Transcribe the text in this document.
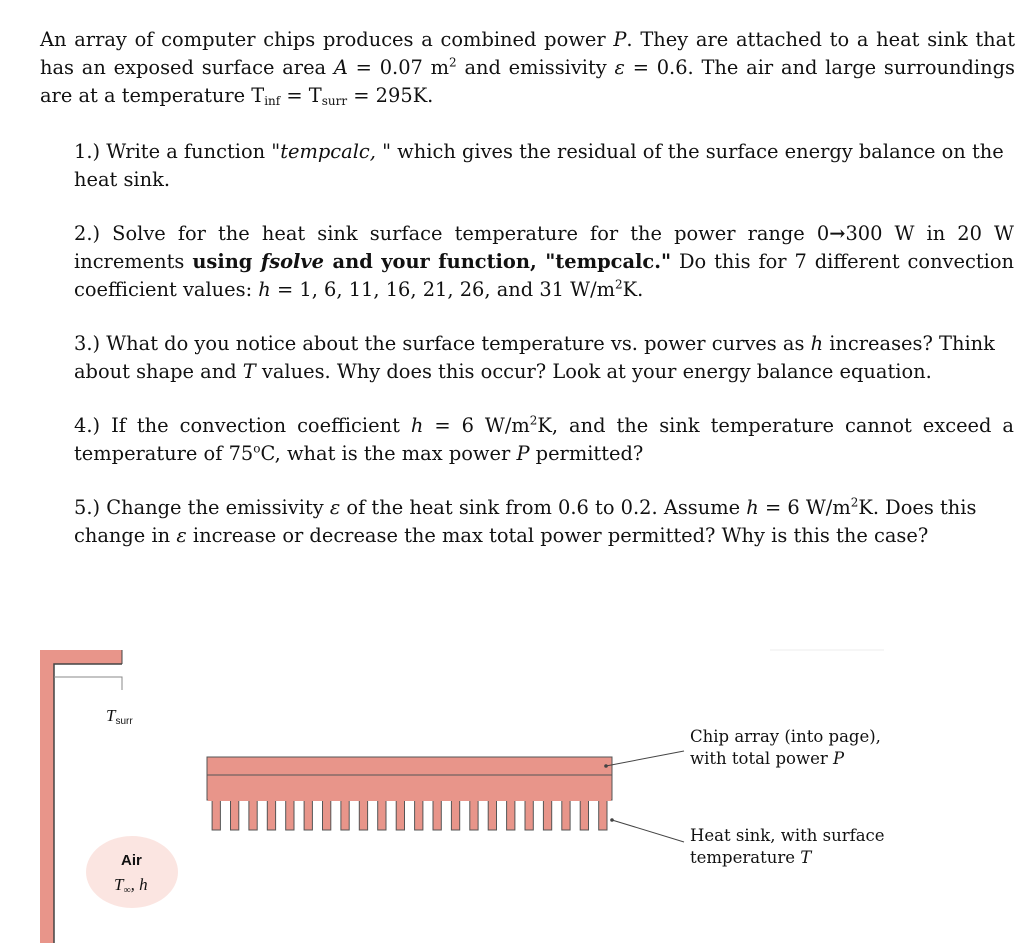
An array of computer chips produces a combined power P. They are attached to a heat sink that has an exposed surface area A = 0.07 $m^2$ and emissivity ε = 0.6. The air and large surroundings are at a temperature Tinf = Tsurr = 295K.
1.) Write a function "tempcalc, " which gives the residual of the surface energy balance on the heat sink.
2.) Solve for the heat sink surface temperature for the power range 0→300 W in 20 W increments using fsolve and your function, "tempcalc." Do this for 7 different convection coefficient values: h = 1, 6, 11, 16, 21, 26, and 31 $W/m^2K$.
3.) What do you notice about the surface temperature vs. power curves as h increases? Think about shape and T values. Why does this occur? Look at your energy balance equation.
4.) If the convection coefficient h = 6 $W/m^2K$, and the sink temperature cannot exceed a temperature of 75$^o$C, what is the max power P permitted?
5.) Change the emissivity ε of the heat sink from 0.6 to 0.2. Assume h = 6 $W/m^2K$. Does this change in ε increase or decrease the max total power permitted? Why is this the case?
Tsurr
Air
T∞, h
Chip array (into page),
with total power P
Heat sink, with surface
temperature T
